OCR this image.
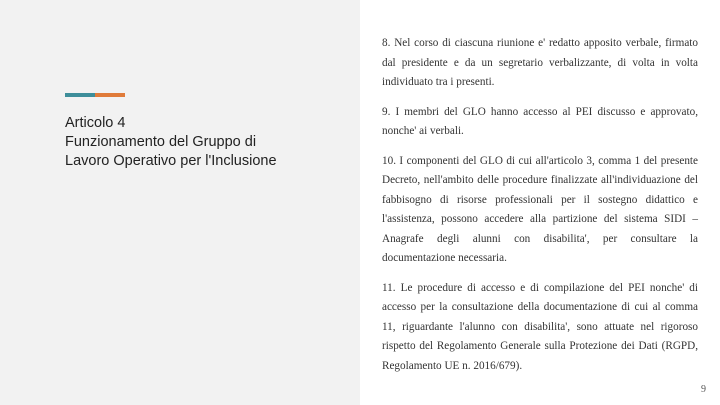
Articolo 4
Funzionamento del Gruppo di
Lavoro Operativo per l'Inclusione

8. Nel corso di ciascuna riunione e' redatto apposito verbale, firmato dal presidente e da un segretario verbalizzante, di volta in volta individuato tra i presenti.

9. I membri del GLO hanno accesso al PEI discusso e approvato, nonche' ai verbali.

10. I componenti del GLO di cui all'articolo 3, comma 1 del presente Decreto, nell'ambito delle procedure finalizzate all'individuazione del fabbisogno di risorse professionali per il sostegno didattico e l'assistenza, possono accedere alla partizione del sistema SIDI – Anagrafe degli alunni con disabilita', per consultare la documentazione necessaria.

11. Le procedure di accesso e di compilazione del PEI nonche' di accesso per la consultazione della documentazione di cui al comma 11, riguardante l'alunno con disabilita', sono attuate nel rigoroso rispetto del Regolamento Generale sulla Protezione dei Dati (RGPD, Regolamento UE n. 2016/679).

9
